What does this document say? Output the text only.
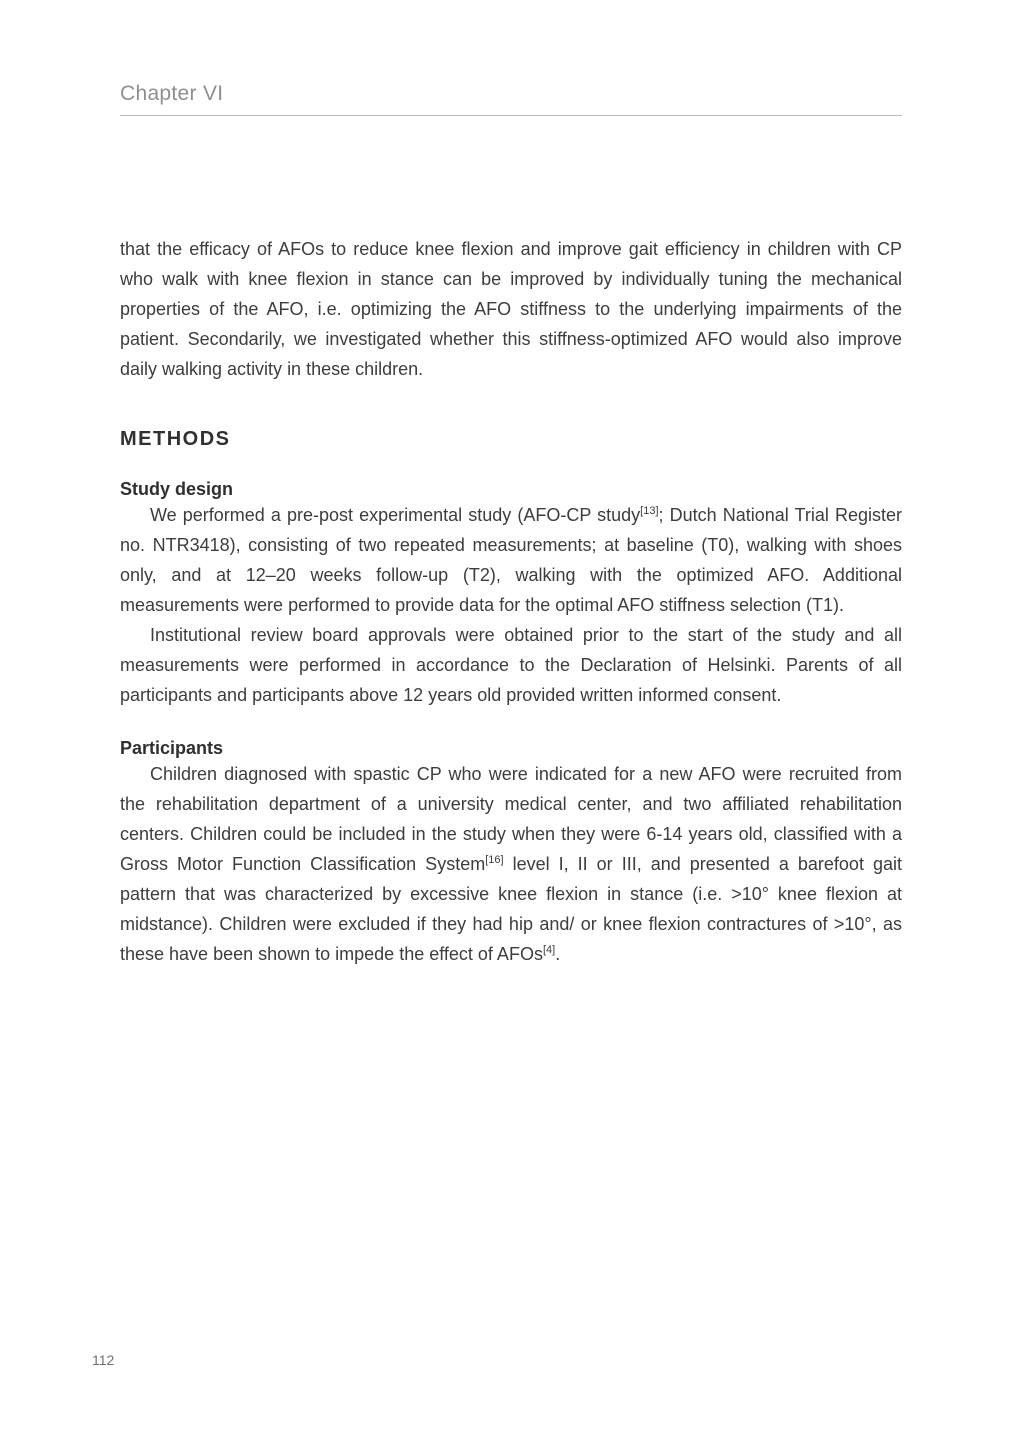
Chapter VI

that the efficacy of AFOs to reduce knee flexion and improve gait efficiency in children with CP who walk with knee flexion in stance can be improved by individually tuning the mechanical properties of the AFO, i.e. optimizing the AFO stiffness to the underlying impairments of the patient. Secondarily, we investigated whether this stiffness-optimized AFO would also improve daily walking activity in these children.

METHODS
Study design

We performed a pre-post experimental study (AFO-CP study[13]; Dutch National Trial Register no. NTR3418), consisting of two repeated measurements; at baseline (T0), walking with shoes only, and at 12–20 weeks follow-up (T2), walking with the optimized AFO. Additional measurements were performed to provide data for the optimal AFO stiffness selection (T1).

Institutional review board approvals were obtained prior to the start of the study and all measurements were performed in accordance to the Declaration of Helsinki. Parents of all participants and participants above 12 years old provided written informed consent.

Participants

Children diagnosed with spastic CP who were indicated for a new AFO were recruited from the rehabilitation department of a university medical center, and two affiliated rehabilitation centers. Children could be included in the study when they were 6-14 years old, classified with a Gross Motor Function Classification System[16] level I, II or III, and presented a barefoot gait pattern that was characterized by excessive knee flexion in stance (i.e. >10° knee flexion at midstance). Children were excluded if they had hip and/ or knee flexion contractures of >10°, as these have been shown to impede the effect of AFOs[4].

112
